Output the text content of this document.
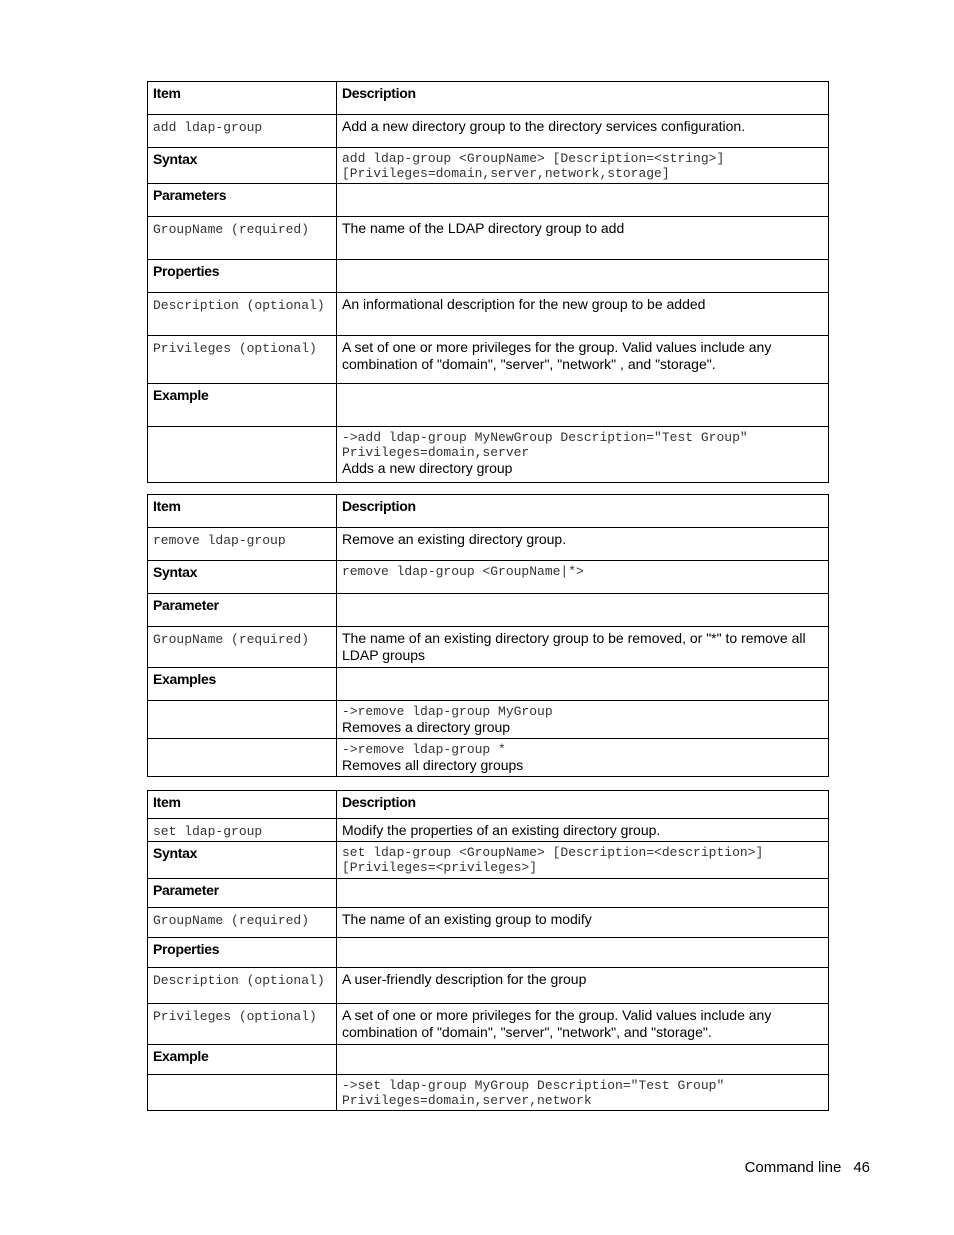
Item	Description
add ldap-group	Add a new directory group to the directory services configuration.

Syntax	add ldap-group <GroupName> [Description=<string>] [Privileges=domain,server,network,storage]

Parameters	
GroupName (required)	The name of the LDAP directory group to add

Properties	
Description (optional)	An informational description for the new group to be added

Privileges (optional)	A set of one or more privileges for the group. Valid values include any combination of "domain", "server", "network" , and "storage".

Example	

	->add ldap-group MyNewGroup Description="Test Group" Privileges=domain,server
Adds a new directory group
Item	Description
remove ldap-group	Remove an existing directory group.

Syntax	remove ldap-group <GroupName|*>

Parameter	
GroupName (required)	The name of an existing directory group to be removed, or "*" to remove all LDAP groups

Examples	

	->remove ldap-group MyGroup
Removes a directory group

	->remove ldap-group *
Removes all directory groups
Item	Description
set ldap-group	Modify the properties of an existing directory group.

Syntax	set ldap-group <GroupName> [Description=<description>] [Privileges=<privileges>]

Parameter	
GroupName (required)	The name of an existing group to modify

Properties	
Description (optional)	A user-friendly description for the group

Privileges (optional)	A set of one or more privileges for the group. Valid values include any combination of "domain", "server", "network", and "storage".

Example	

	->set ldap-group MyGroup Description="Test Group" Privileges=domain,server,network
Command line 46
